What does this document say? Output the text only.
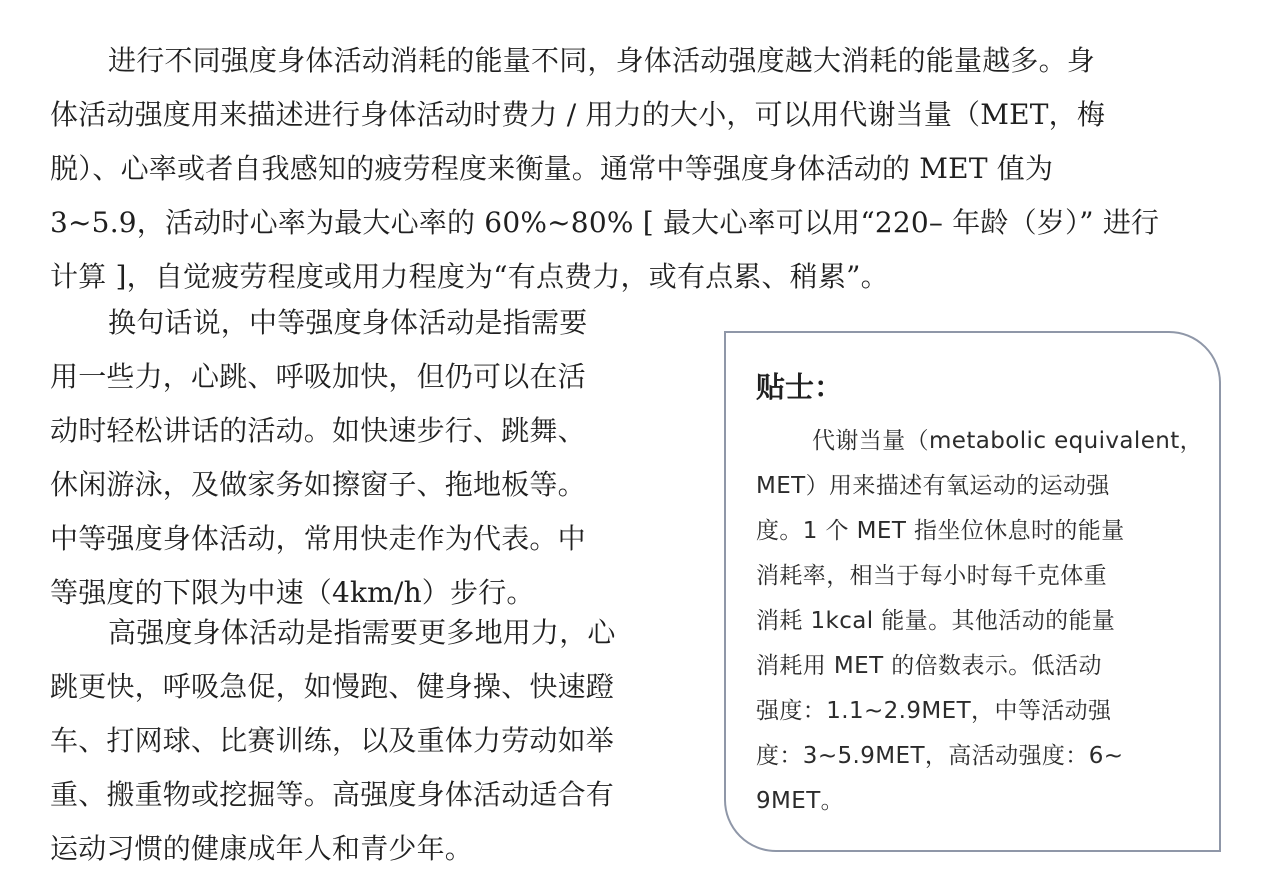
进行不同强度身体活动消耗的能量不同，身体活动强度越大消耗的能量越多。身
体活动强度用来描述进行身体活动时费力 / 用力的大小，可以用代谢当量（MET，梅
脱）、心率或者自我感知的疲劳程度来衡量。通常中等强度身体活动的 MET 值为
3~5.9，活动时心率为最大心率的 60%~80% [ 最大心率可以用“220– 年龄（岁）” 进行
计算 ]，自觉疲劳程度或用力程度为“有点费力，或有点累、稍累”。

换句话说，中等强度身体活动是指需要
用一些力，心跳、呼吸加快，但仍可以在活
动时轻松讲话的活动。如快速步行、跳舞、
休闲游泳，及做家务如擦窗子、拖地板等。
中等强度身体活动，常用快走作为代表。中
等强度的下限为中速（4km/h）步行。

高强度身体活动是指需要更多地用力，心
跳更快，呼吸急促，如慢跑、健身操、快速蹬
车、打网球、比赛训练，以及重体力劳动如举
重、搬重物或挖掘等。高强度身体活动适合有
运动习惯的健康成年人和青少年。

贴士：
代谢当量（metabolic equivalent，
MET）用来描述有氧运动的运动强
度。1 个 MET 指坐位休息时的能量
消耗率，相当于每小时每千克体重
消耗 1kcal 能量。其他活动的能量
消耗用 MET 的倍数表示。低活动
强度：1.1~2.9MET，中等活动强
度：3~5.9MET，高活动强度：6~
9MET。
